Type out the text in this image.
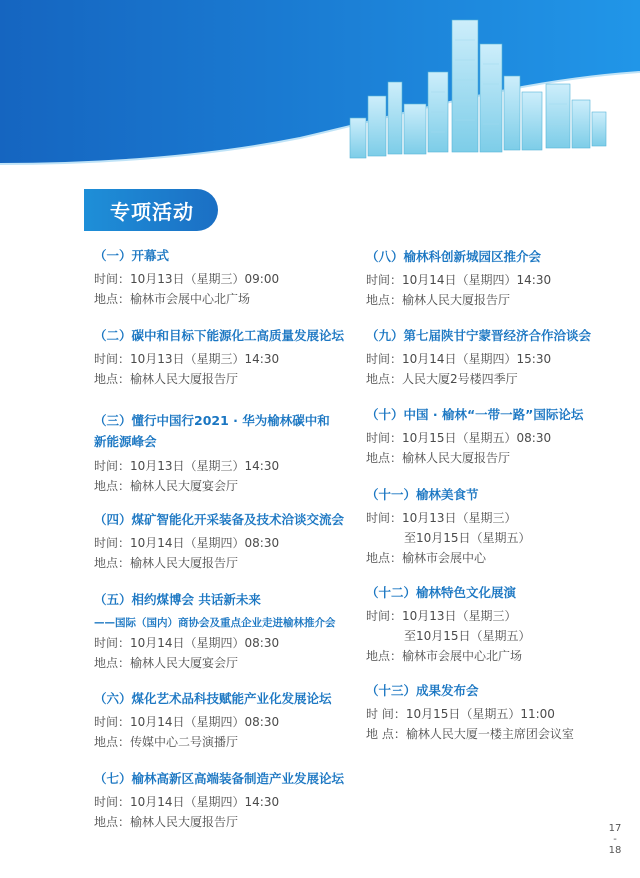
专项活动
（一）开幕式
时间：10月13日（星期三）09:00
地点：榆林市会展中心北广场
（二）碳中和目标下能源化工高质量发展论坛
时间：10月13日（星期三）14:30
地点：榆林人民大厦报告厅
（三）懂行中国行2021 · 华为榆林碳中和新能源峰会
时间：10月13日（星期三）14:30
地点：榆林人民大厦宴会厅
（四）煤矿智能化开采装备及技术洽谈交流会
时间：10月14日（星期四）08:30
地点：榆林人民大厦报告厅
（五）相约煤博会 共话新未来
——国际（国内）商协会及重点企业走进榆林推介会
时间：10月14日（星期四）08:30
地点：榆林人民大厦宴会厅
（六）煤化艺术品科技赋能产业化发展论坛
时间：10月14日（星期四）08:30
地点：传媒中心二号演播厅
（七）榆林高新区高端装备制造产业发展论坛
时间：10月14日（星期四）14:30
地点：榆林人民大厦报告厅
（八）榆林科创新城园区推介会
时间：10月14日（星期四）14:30
地点：榆林人民大厦报告厅
（九）第七届陕甘宁蒙晋经济合作洽谈会
时间：10月14日（星期四）15:30
地点：人民大厦2号楼四季厅
（十）中国 · 榆林“一带一路”国际论坛
时间：10月15日（星期五）08:30
地点：榆林人民大厦报告厅
（十一）榆林美食节
时间：10月13日（星期三）
至10月15日（星期五）
地点：榆林市会展中心
（十二）榆林特色文化展演
时间：10月13日（星期三）
至10月15日（星期五）
地点：榆林市会展中心北广场
（十三）成果发布会
时 间：10月15日（星期五）11:00
地 点：榆林人民大厦一楼主席团会议室
17
-
18
